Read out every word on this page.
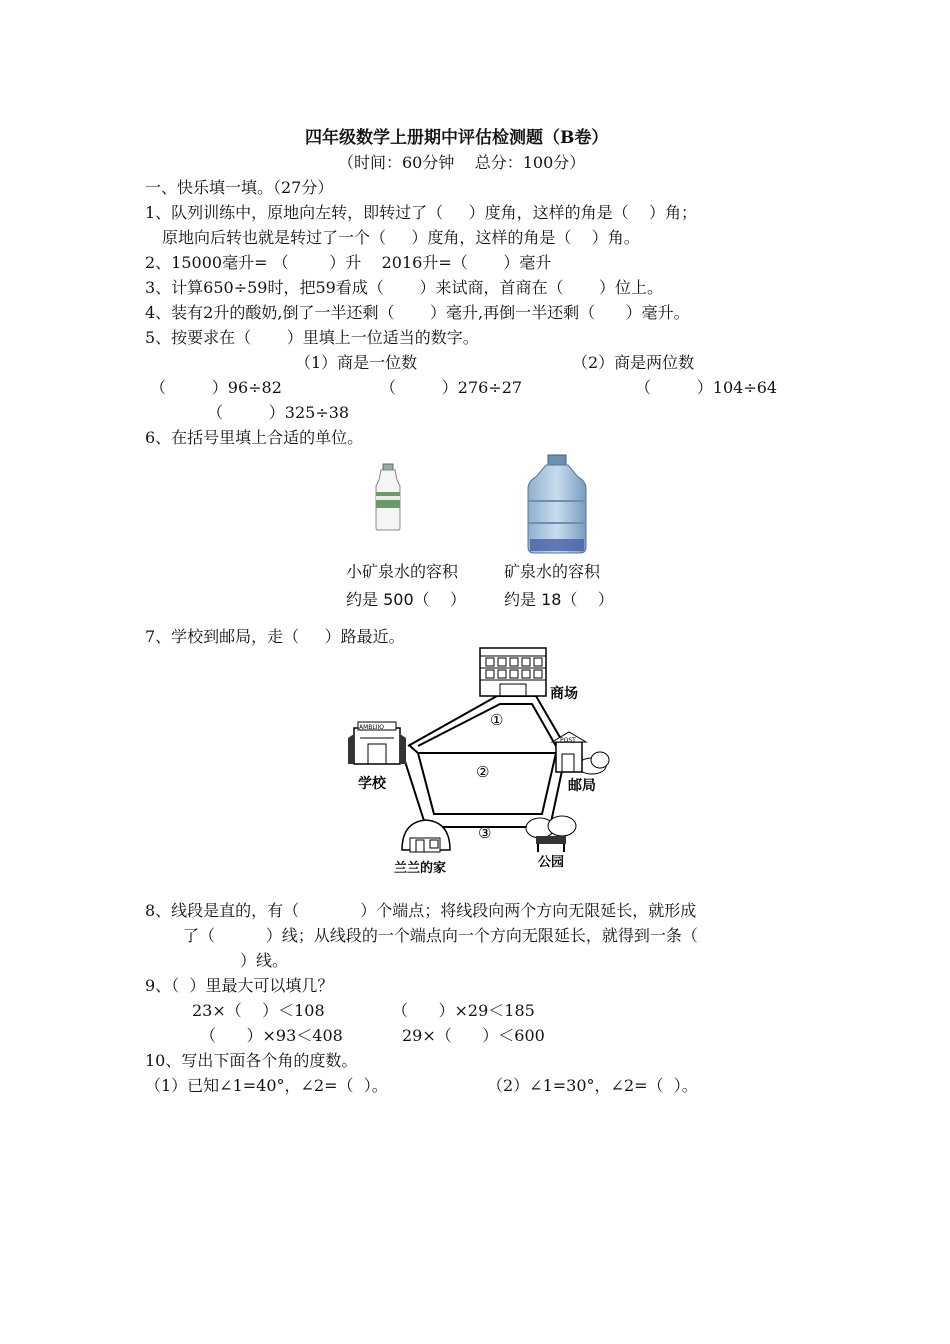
四年级数学上册期中评估检测题（B卷）
（时间：60分钟    总分：100分）
一、快乐填一填。（27分）
1、队列训练中，原地向左转，即转过了（     ）度角，这样的角是（    ）角；
原地向后转也就是转过了一个（     ）度角，这样的角是（    ）角。
2、15000毫升= （        ）升    2016升=（       ）毫升
3、计算650÷59时，把59看成（       ）来试商，首商在（       ）位上。
4、装有2升的酸奶,倒了一半还剩（       ）毫升,再倒一半还剩（      ）毫升。
5、按要求在（       ）里填上一位适当的数字。
（1）商是一位数	（2）商是两位数
（         ）96÷82	（         ）276÷27	（         ）104÷64
（         ）325÷38
6、在括号里填上合适的单位。
小矿泉水的容积
约是 500（    ）
矿泉水的容积
约是 18（    ）
7、学校到邮局，走（     ）路最近。
商场
①
AMBLIIO
学校
POST
邮局
②
③
兰兰的家	公园
8、线段是直的，有（            ）个端点；将线段向两个方向无限延长，就形成
了（          ）线；从线段的一个端点向一个方向无限延长，就得到一条（
）线。
9、（  ）里最大可以填几？
23×（    ）＜108	（      ）×29＜185
（      ）×93＜408	29×（      ）＜600
10、写出下面各个角的度数。
（1）已知∠1=40°，∠2=（  ）。	（2）∠1=30°，∠2=（  ）。
